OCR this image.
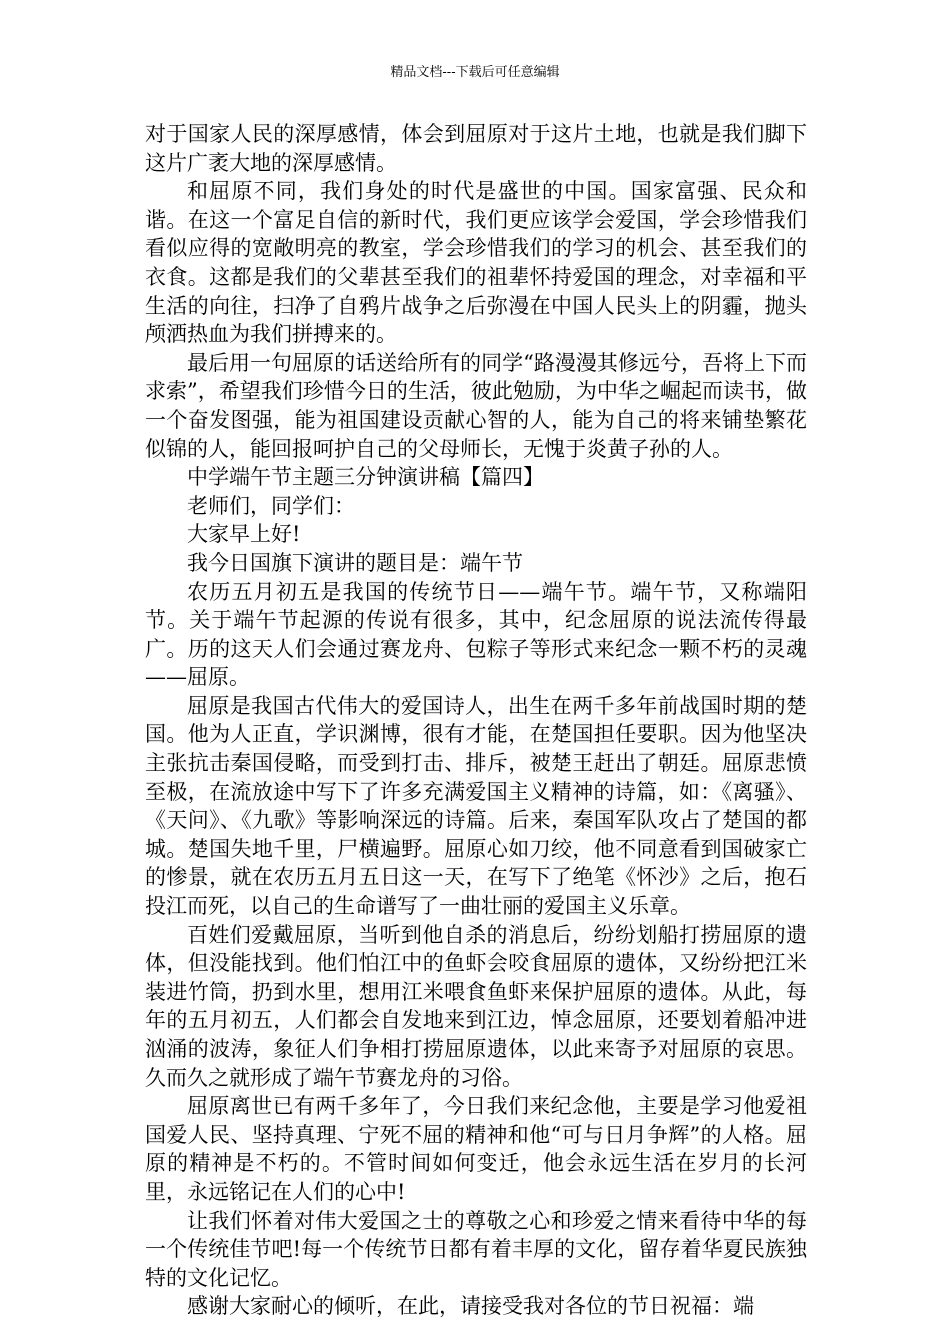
精品文档---下载后可任意编辑

对于国家人民的深厚感情，体会到屈原对于这片土地，也就是我们脚下这片广袤大地的深厚感情。

和屈原不同，我们身处的时代是盛世的中国。国家富强、民众和谐。在这一个富足自信的新时代，我们更应该学会爱国，学会珍惜我们看似应得的宽敞明亮的教室，学会珍惜我们的学习的机会、甚至我们的衣食。这都是我们的父辈甚至我们的祖辈怀持爱国的理念，对幸福和平生活的向往，扫净了自鸦片战争之后弥漫在中国人民头上的阴霾，抛头颅洒热血为我们拼搏来的。

最后用一句屈原的话送给所有的同学“路漫漫其修远兮，吾将上下而求索”，希望我们珍惜今日的生活，彼此勉励，为中华之崛起而读书，做一个奋发图强，能为祖国建设贡献心智的人，能为自己的将来铺垫繁花似锦的人，能回报呵护自己的父母师长，无愧于炎黄子孙的人。

中学端午节主题三分钟演讲稿【篇四】

老师们，同学们：

大家早上好!

我今日国旗下演讲的题目是：端午节

农历五月初五是我国的传统节日——端午节。端午节，又称端阳节。关于端午节起源的传说有很多，其中，纪念屈原的说法流传得最广。历的这天人们会通过赛龙舟、包粽子等形式来纪念一颗不朽的灵魂——屈原。

屈原是我国古代伟大的爱国诗人，出生在两千多年前战国时期的楚国。他为人正直，学识渊博，很有才能，在楚国担任要职。因为他坚决主张抗击秦国侵略，而受到打击、排斥，被楚王赶出了朝廷。屈原悲愤至极，在流放途中写下了许多充满爱国主义精神的诗篇，如：《离骚》、《天问》、《九歌》等影响深远的诗篇。后来，秦国军队攻占了楚国的都城。楚国失地千里，尸横遍野。屈原心如刀绞，他不同意看到国破家亡的惨景，就在农历五月五日这一天，在写下了绝笔《怀沙》之后，抱石投江而死，以自己的生命谱写了一曲壮丽的爱国主义乐章。

百姓们爱戴屈原，当听到他自杀的消息后，纷纷划船打捞屈原的遗体，但没能找到。他们怕江中的鱼虾会咬食屈原的遗体，又纷纷把江米装进竹筒，扔到水里，想用江米喂食鱼虾来保护屈原的遗体。从此，每年的五月初五，人们都会自发地来到江边，悼念屈原，还要划着船冲进汹涌的波涛，象征人们争相打捞屈原遗体，以此来寄予对屈原的哀思。久而久之就形成了端午节赛龙舟的习俗。

屈原离世已有两千多年了，今日我们来纪念他，主要是学习他爱祖国爱人民、坚持真理、宁死不屈的精神和他“可与日月争辉”的人格。屈原的精神是不朽的。不管时间如何变迁，他会永远生活在岁月的长河里，永远铭记在人们的心中!

让我们怀着对伟大爱国之士的尊敬之心和珍爱之情来看待中华的每一个传统佳节吧!每一个传统节日都有着丰厚的文化，留存着华夏民族独特的文化记忆。

感谢大家耐心的倾听，在此，请接受我对各位的节日祝福：端
